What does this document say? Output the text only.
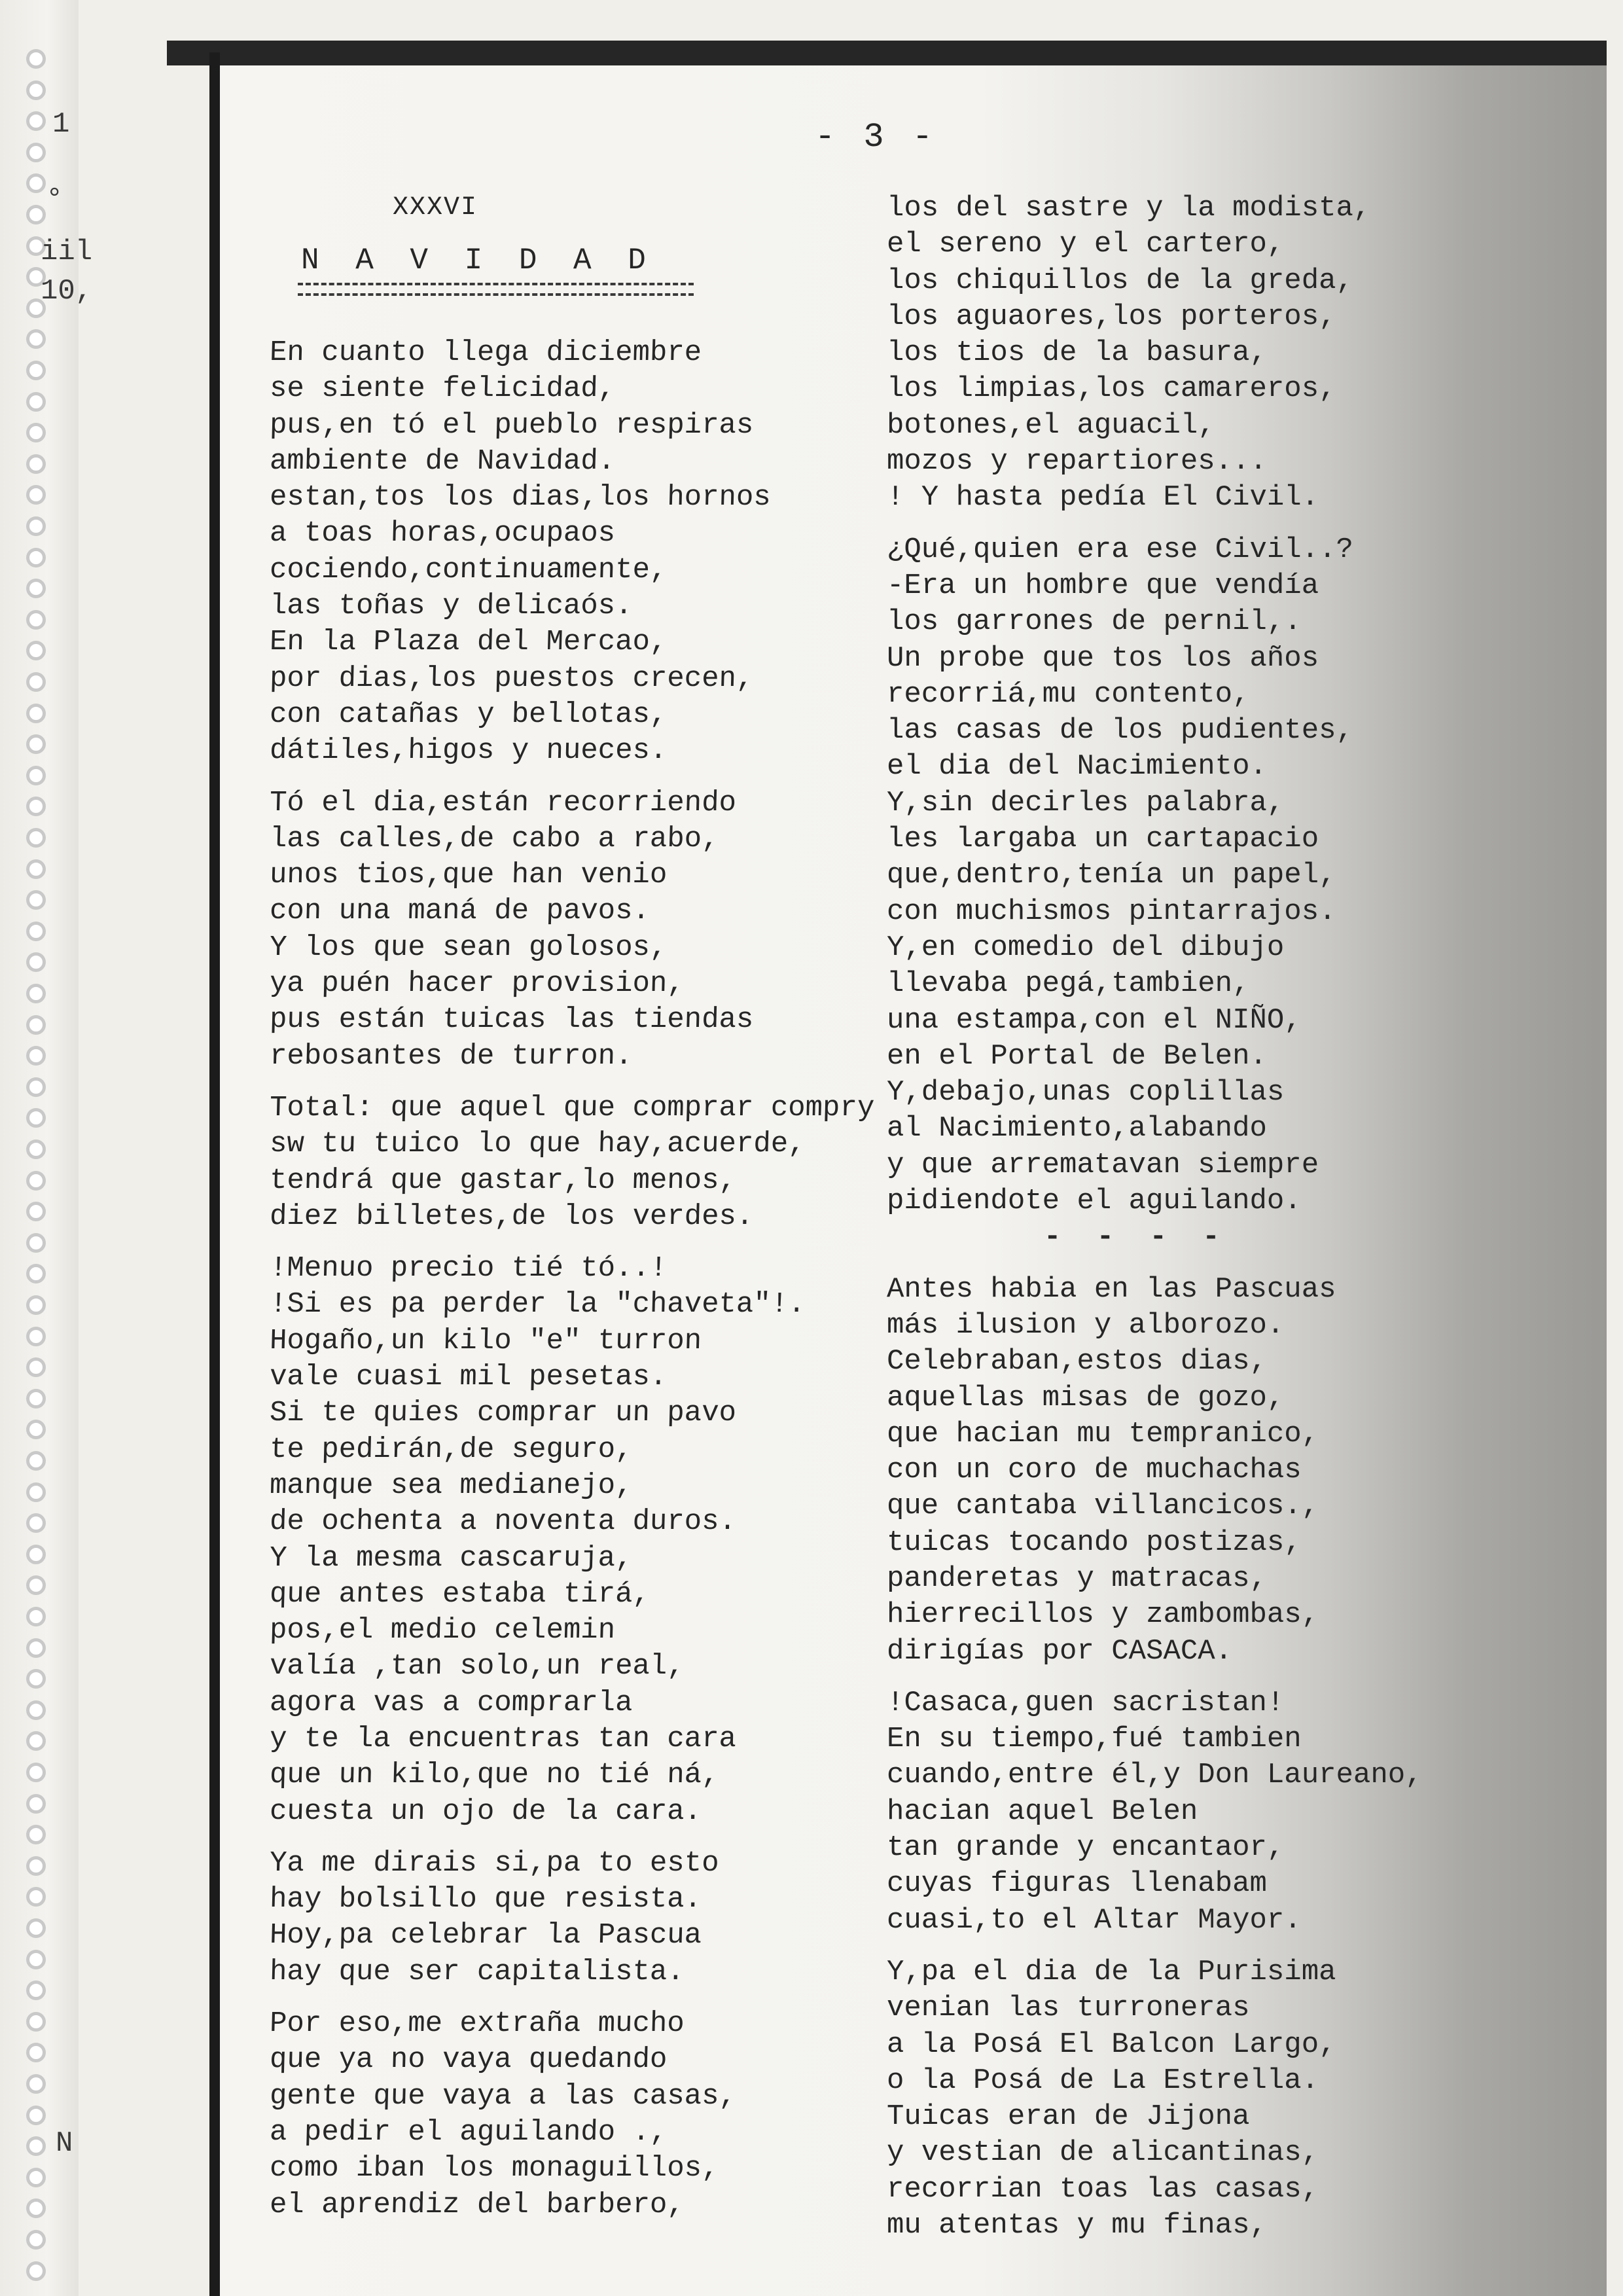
1
°
iil
10,
N
- 3 -
XXXVI
N A V I D A D
En cuanto llega diciembre
se siente felicidad,
pus,en tó el pueblo respiras
ambiente de Navidad.
estan,tos los dias,los hornos
a toas horas,ocupaos
cociendo,continuamente,
las toñas y delicaós.
En la Plaza del Mercao,
por dias,los puestos crecen,
con catañas y bellotas,
dátiles,higos y nueces.
Tó el dia,están recorriendo
las calles,de cabo a rabo,
unos tios,que han venio
con una maná de pavos.
Y los que sean golosos,
ya puén hacer provision,
pus están tuicas las tiendas
rebosantes de turron.
Total: que aquel que comprar compry
sw tu tuico lo que hay,acuerde,
tendrá que gastar,lo menos,
diez billetes,de los verdes.
!Menuo precio tié tó..!
!Si es pa perder la "chaveta"!.
Hogaño,un kilo "e" turron
vale cuasi mil pesetas.
Si te quies comprar un pavo
te pedirán,de seguro,
manque sea medianejo,
de ochenta a noventa duros.
Y la mesma cascaruja,
que antes estaba tirá,
pos,el medio celemin
valía ,tan solo,un real,
agora vas a comprarla
y te la encuentras tan cara
que un kilo,que no tié ná,
cuesta un ojo de la cara.
Ya me dirais si,pa to esto
hay bolsillo que resista.
Hoy,pa celebrar la Pascua
hay que ser capitalista.
Por eso,me extraña mucho
que ya no vaya quedando
gente que vaya a las casas,
a pedir el aguilando .,
como iban los monaguillos,
el aprendiz del barbero,
los del sastre y la modista,
el sereno y el cartero,
los chiquillos de la greda,
los aguaores,los porteros,
los tios de la basura,
los limpias,los camareros,
botones,el aguacil,
mozos y repartiores...
! Y hasta pedía El Civil.
¿Qué,quien era ese Civil..?
-Era un hombre que vendía
los garrones de pernil,.
Un probe que tos los años
recorriá,mu contento,
las casas de los pudientes,
el dia del Nacimiento.
Y,sin decirles palabra,
les largaba un cartapacio
que,dentro,tenía un papel,
con muchismos pintarrajos.
Y,en comedio del dibujo
llevaba pegá,tambien,
una estampa,con el NIÑO,
en el Portal de Belen.
Y,debajo,unas coplillas
al Nacimiento,alabando
y que arrematavan siempre
pidiendote el aguilando.
- - - -
Antes habia en las Pascuas
más ilusion y alborozo.
Celebraban,estos dias,
aquellas misas de gozo,
que hacian mu tempranico,
con un coro de muchachas
que cantaba villancicos.,
tuicas tocando postizas,
panderetas y matracas,
hierrecillos y zambombas,
dirigías por CASACA.
!Casaca,guen sacristan!
En su tiempo,fué tambien
cuando,entre él,y Don Laureano,
hacian aquel Belen
tan grande y encantaor,
cuyas figuras llenabam
cuasi,to el Altar Mayor.
Y,pa el dia de la Purisima
venian las turroneras
a la Posá El Balcon Largo,
o la Posá de La Estrella.
Tuicas eran de Jijona
y vestian de alicantinas,
recorrian toas las casas,
mu atentas y mu finas,
